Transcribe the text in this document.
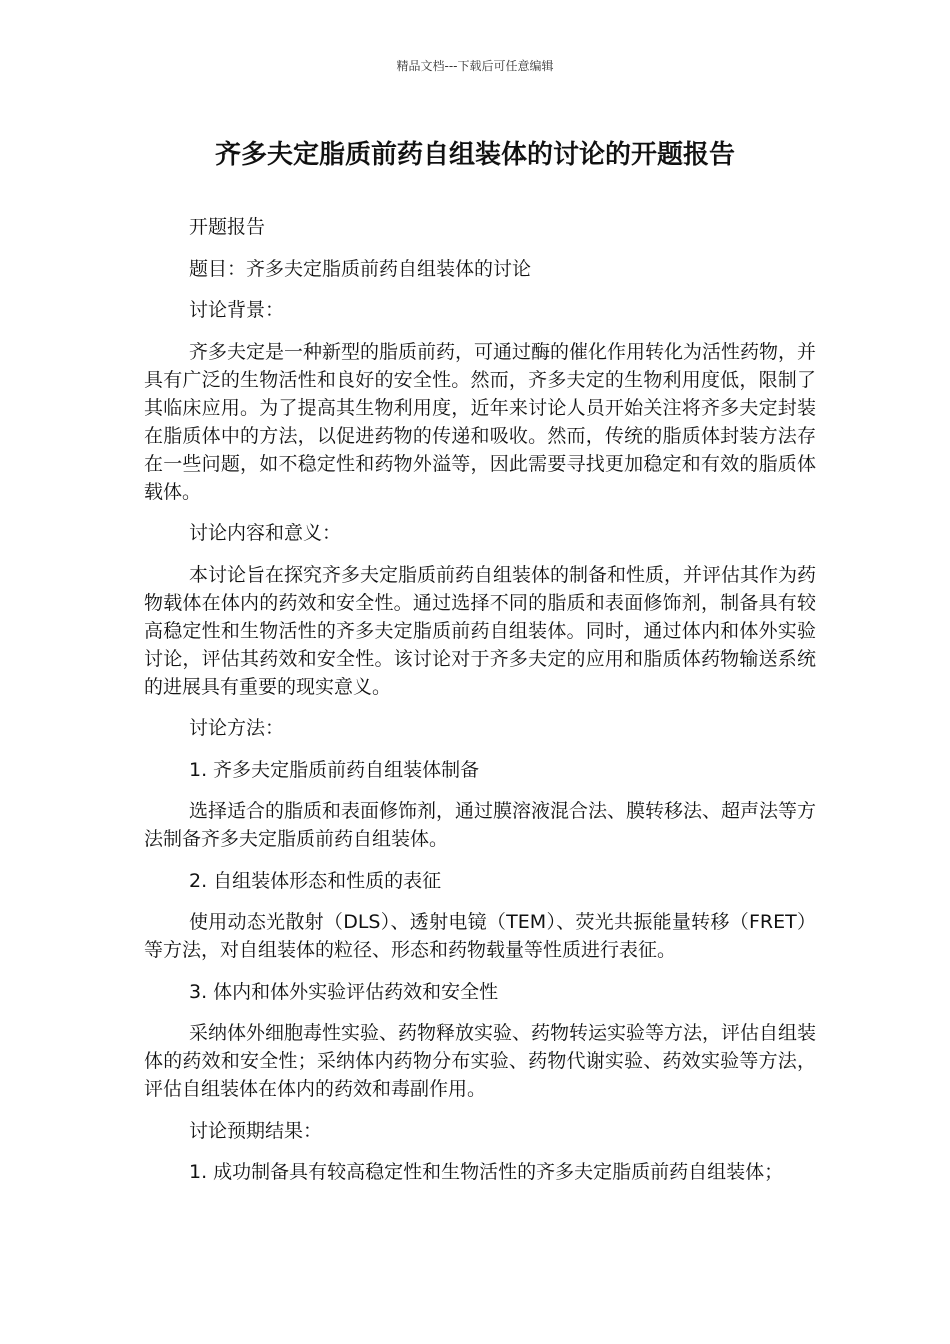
精品文档---下载后可任意编辑
齐多夫定脂质前药自组装体的讨论的开题报告

开题报告

题目：齐多夫定脂质前药自组装体的讨论

讨论背景：

齐多夫定是一种新型的脂质前药，可通过酶的催化作用转化为活性药物，并具有广泛的生物活性和良好的安全性。然而，齐多夫定的生物利用度低，限制了其临床应用。为了提高其生物利用度，近年来讨论人员开始关注将齐多夫定封装在脂质体中的方法，以促进药物的传递和吸收。然而，传统的脂质体封装方法存在一些问题，如不稳定性和药物外溢等，因此需要寻找更加稳定和有效的脂质体载体。

讨论内容和意义：

本讨论旨在探究齐多夫定脂质前药自组装体的制备和性质，并评估其作为药物载体在体内的药效和安全性。通过选择不同的脂质和表面修饰剂，制备具有较高稳定性和生物活性的齐多夫定脂质前药自组装体。同时，通过体内和体外实验讨论，评估其药效和安全性。该讨论对于齐多夫定的应用和脂质体药物输送系统的进展具有重要的现实意义。

讨论方法：

1. 齐多夫定脂质前药自组装体制备

选择适合的脂质和表面修饰剂，通过膜溶液混合法、膜转移法、超声法等方法制备齐多夫定脂质前药自组装体。

2. 自组装体形态和性质的表征

使用动态光散射（DLS）、透射电镜（TEM）、荧光共振能量转移（FRET）等方法，对自组装体的粒径、形态和药物载量等性质进行表征。

3. 体内和体外实验评估药效和安全性

采纳体外细胞毒性实验、药物释放实验、药物转运实验等方法，评估自组装体的药效和安全性；采纳体内药物分布实验、药物代谢实验、药效实验等方法，评估自组装体在体内的药效和毒副作用。

讨论预期结果：

1. 成功制备具有较高稳定性和生物活性的齐多夫定脂质前药自组装体；
